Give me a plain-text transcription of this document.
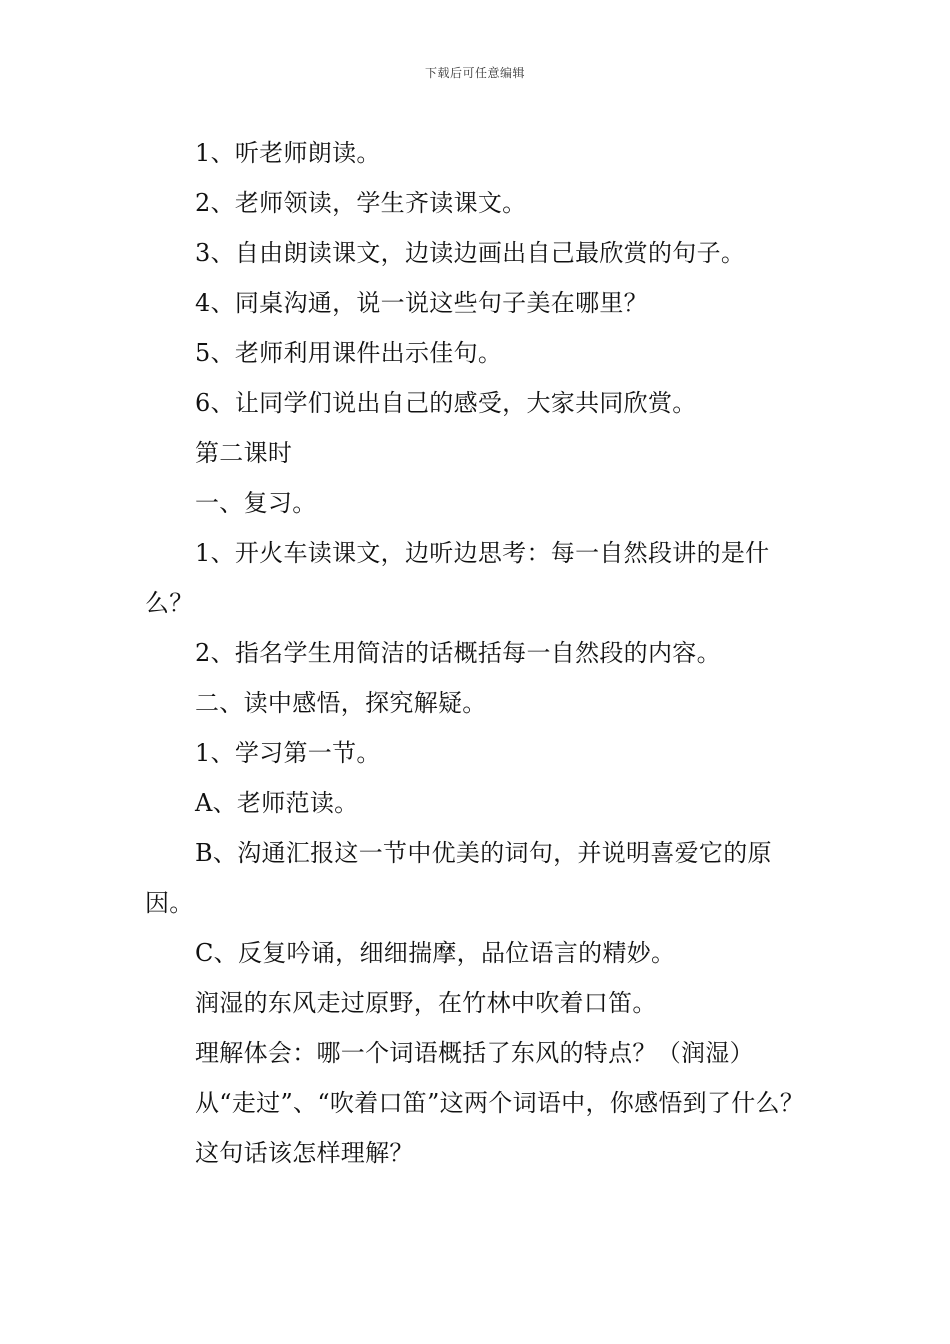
下载后可任意编辑

1、听老师朗读。

2、老师领读，学生齐读课文。

3、自由朗读课文，边读边画出自己最欣赏的句子。

4、同桌沟通，说一说这些句子美在哪里？

5、老师利用课件出示佳句。

6、让同学们说出自己的感受，大家共同欣赏。

第二课时

一、复习。

1、开火车读课文，边听边思考：每一自然段讲的是什么？

2、指名学生用简洁的话概括每一自然段的内容。

二、读中感悟，探究解疑。

1、学习第一节。

A、老师范读。

B、沟通汇报这一节中优美的词句，并说明喜爱它的原因。

C、反复吟诵，细细揣摩，品位语言的精妙。

润湿的东风走过原野，在竹林中吹着口笛。

理解体会：哪一个词语概括了东风的特点？（润湿）

从“走过”、“吹着口笛”这两个词语中，你感悟到了什么？

这句话该怎样理解？
